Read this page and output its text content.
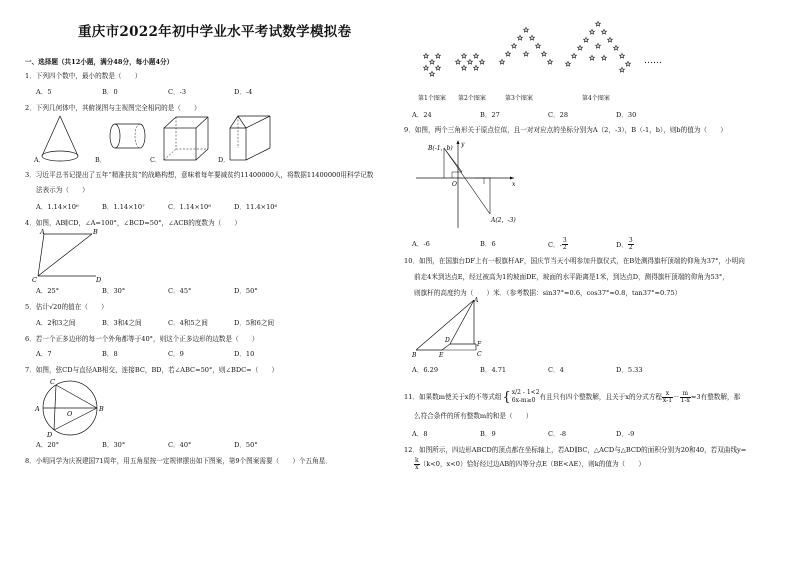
重庆市2022年初中学业水平考试数学模拟卷
一、选择题（共12小题，满分48分，每小题4分）
1．下列四个数中，最小的数是（　　）
A．5	B．0	C．-3	D．-4
2．下列几何体中，其俯视图与主视图完全相同的是（　　）
A．	B．	C．	D．
3．习近平总书记提出了五年“精准扶贫”的战略构想，意味着每年要减贫约11400000人，将数据11400000用科学记数
法表示为（　　）
A．1.14×10⁶	B．1.14×10⁷	C．1.14×10⁸	D．11.4×10⁶
4．如图，AB∥CD，∠A=100°，∠BCD=50°，∠ACB的度数为（　　）
A	B
C	D
A．25°	B．30°	C．45°	D．50°
5．估计√20的值在（　　）
A．2和3之间	B．3和4之间	C．4和5之间	D．5和6之间
6．若一个正多边形的每一个外角都等于40°，则这个正多边形的边数是（　　）
A．7	B．8	C．9	D．10
7．如图，弦CD与直径AB相交，连接BC，BD，若∠ABC=50°，则∠BDC=（　　）
C
A
O
B
D
A．20°	B．30°	C．40°	D．50°
8．小明同学为庆祝建国71周年，用五角星按一定规律摆出如下图案，第9个图案需要（　　）个五角星．
……
第1个图案 第2个图案	第3个图案	第4个图案
A．24	B．27	C．28	D．30
9．如图，两个三角形关于原点位似，且一对对应点的坐标分别为A（2，-3），B（-1，b），则b的值为（　　）
B(-1，b)
A(2，-3)
O	x
y
A．-6	B．6	C．- $\frac{3}{2}$	D． $\frac{3}{2}$
10．如图，在国旗台DF上有一根旗杆AF，国庆节当天小明参加升旗仪式，在B处测得旗杆顶端的仰角为37°，小明向
前走4米到达点E，经过被高为1的坡面DE，坡面的水平距离是1米，到达点D，测得旗杆顶端的仰角为53°，
则旗杆的高度约为（　　）米．（参考数据：sin37°≈0.6，cos37°≈0.8，tan37°≈0.75）
A
B	E
D
C
F
A．6.29	B．4.71	C．4	D．5.33
11．如果数m使关于x的不等式组 { x/2 - 1<2
6x-m≥0 有且只有四个整数解，且关于x的分式方程 $\frac{x}{x-1} - \frac{m}{1-x} =3$有整数解，那
么符合条件的所有整数m的和是（　　）
A．8	B．9	C．-8	D．-9
12．如图所示，四边形ABCD的顶点都在坐标轴上，若AD∥BC，△ACD与△BCD的面积分别为20和40，若双曲线y=
$\frac{k}{x} (k<0$，x<0）恰好经过边AB的四等分点E（BE<AE），则k的值为（　　）
